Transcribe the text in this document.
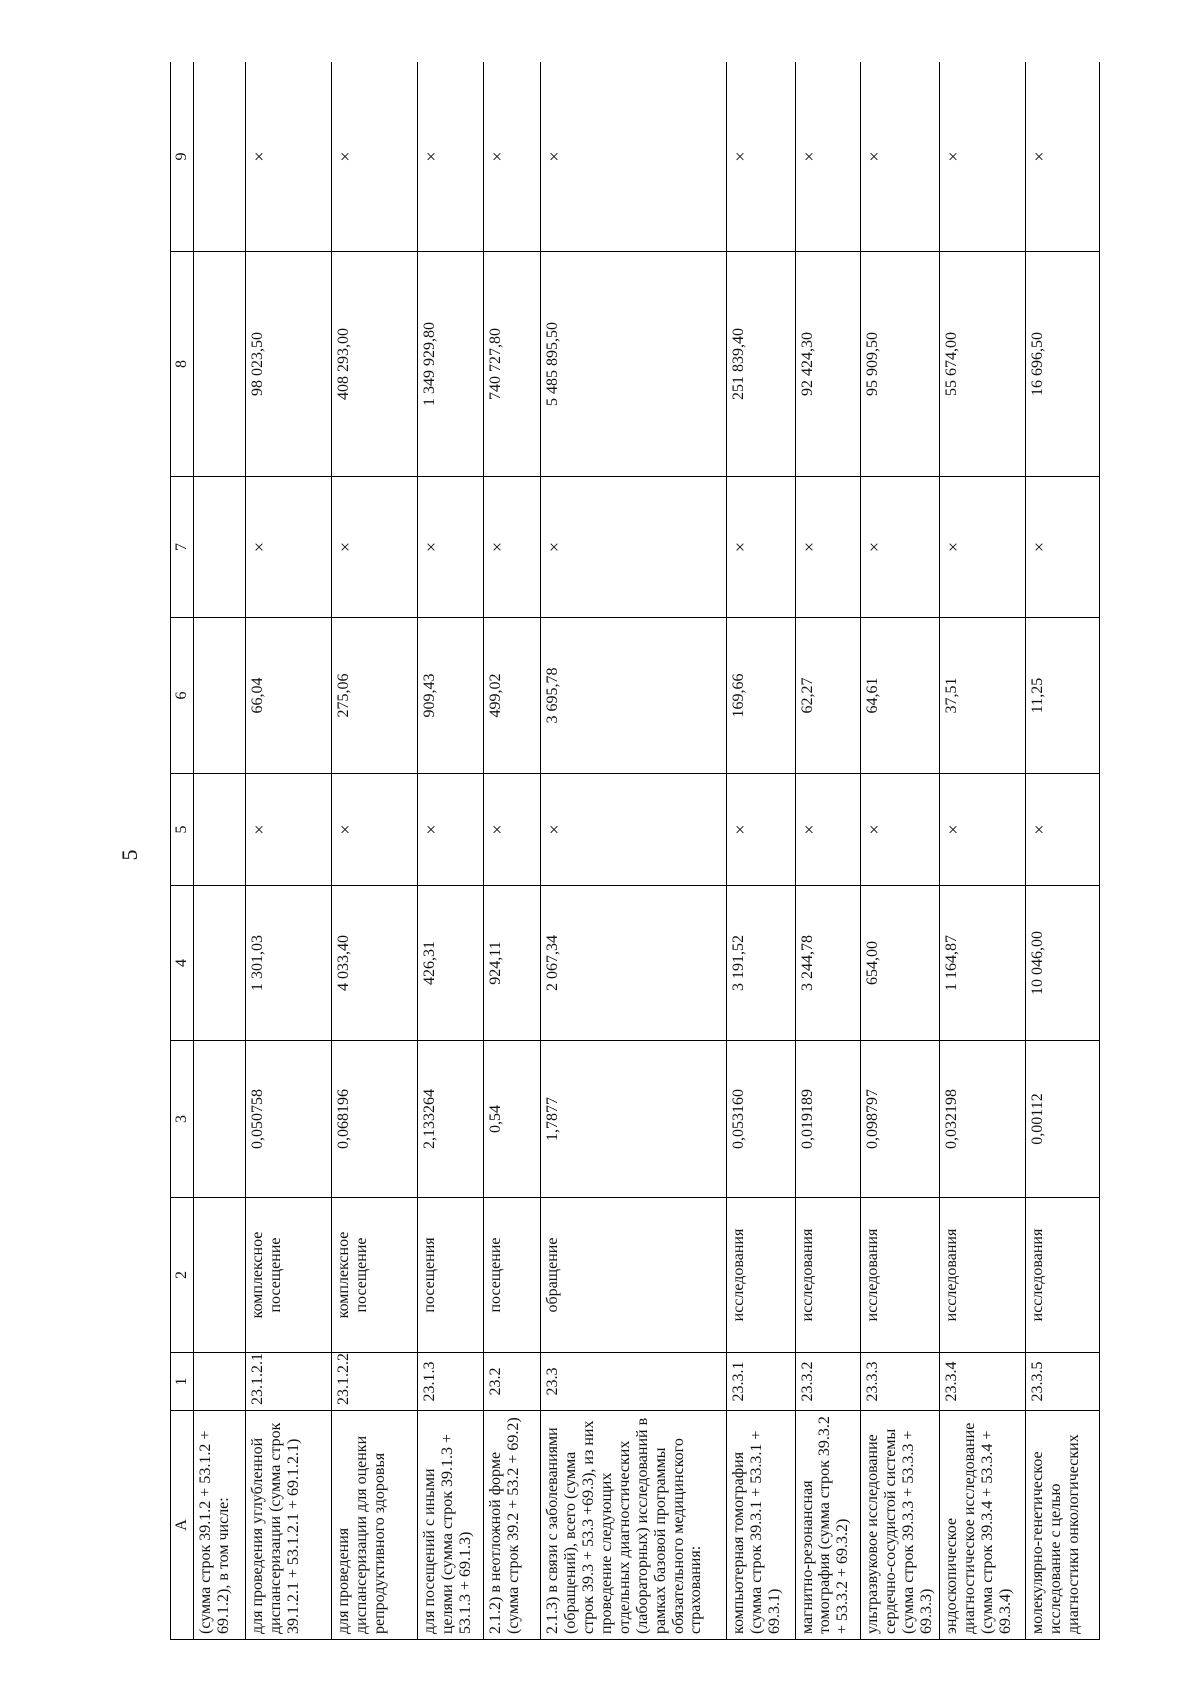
5
А	1	2	3	4	5	6	7	8	9
(сумма строк 39.1.2 + 53.1.2 + 69.1.2), в том числе:									
для проведения углубленной диспансеризации (сумма строк 39.1.2.1 + 53.1.2.1 + 69.1.2.1)	23.1.2.1	комплексное посещение	0,050758	1 301,03	×	66,04	×	98 023,50	×
для проведения диспансеризации для оценки репродуктивного здоровья	23.1.2.2	комплексное посещение	0,068196	4 033,40	×	275,06	×	408 293,00	×
для посещений с иными целями (сумма строк 39.1.3 + 53.1.3 + 69.1.3)	23.1.3	посещения	2,133264	426,31	×	909,43	×	1 349 929,80	×
2.1.2) в неотложной форме (сумма строк 39.2 + 53.2 + 69.2)	23.2	посещение	0,54	924,11	×	499,02	×	740 727,80	×
2.1.3) в связи с заболеваниями (обращений), всего (сумма строк 39.3 + 53.3 +69.3), из них проведение следующих отдельных диагностических (лабораторных) исследований в рамках базовой программы обязательного медицинского страхования:	23.3	обращение	1,7877	2 067,34	×	3 695,78	×	5 485 895,50	×
компьютерная томография (сумма строк 39.3.1 + 53.3.1 + 69.3.1)	23.3.1	исследования	0,053160	3 191,52	×	169,66	×	251 839,40	×
магнитно-резонансная томография (сумма строк 39.3.2 + 53.3.2 + 69.3.2)	23.3.2	исследования	0,019189	3 244,78	×	62,27	×	92 424,30	×
ультразвуковое исследование сердечно-сосудистой системы (сумма строк 39.3.3 + 53.3.3 + 69.3.3)	23.3.3	исследования	0,098797	654,00	×	64,61	×	95 909,50	×
эндоскопическое диагностическое исследование (сумма строк 39.3.4 + 53.3.4 + 69.3.4)	23.3.4	исследования	0,032198	1 164,87	×	37,51	×	55 674,00	×
молекулярно-генетическое исследование с целью диагностики онкологических	23.3.5	исследования	0,00112	10 046,00	×	11,25	×	16 696,50	×
